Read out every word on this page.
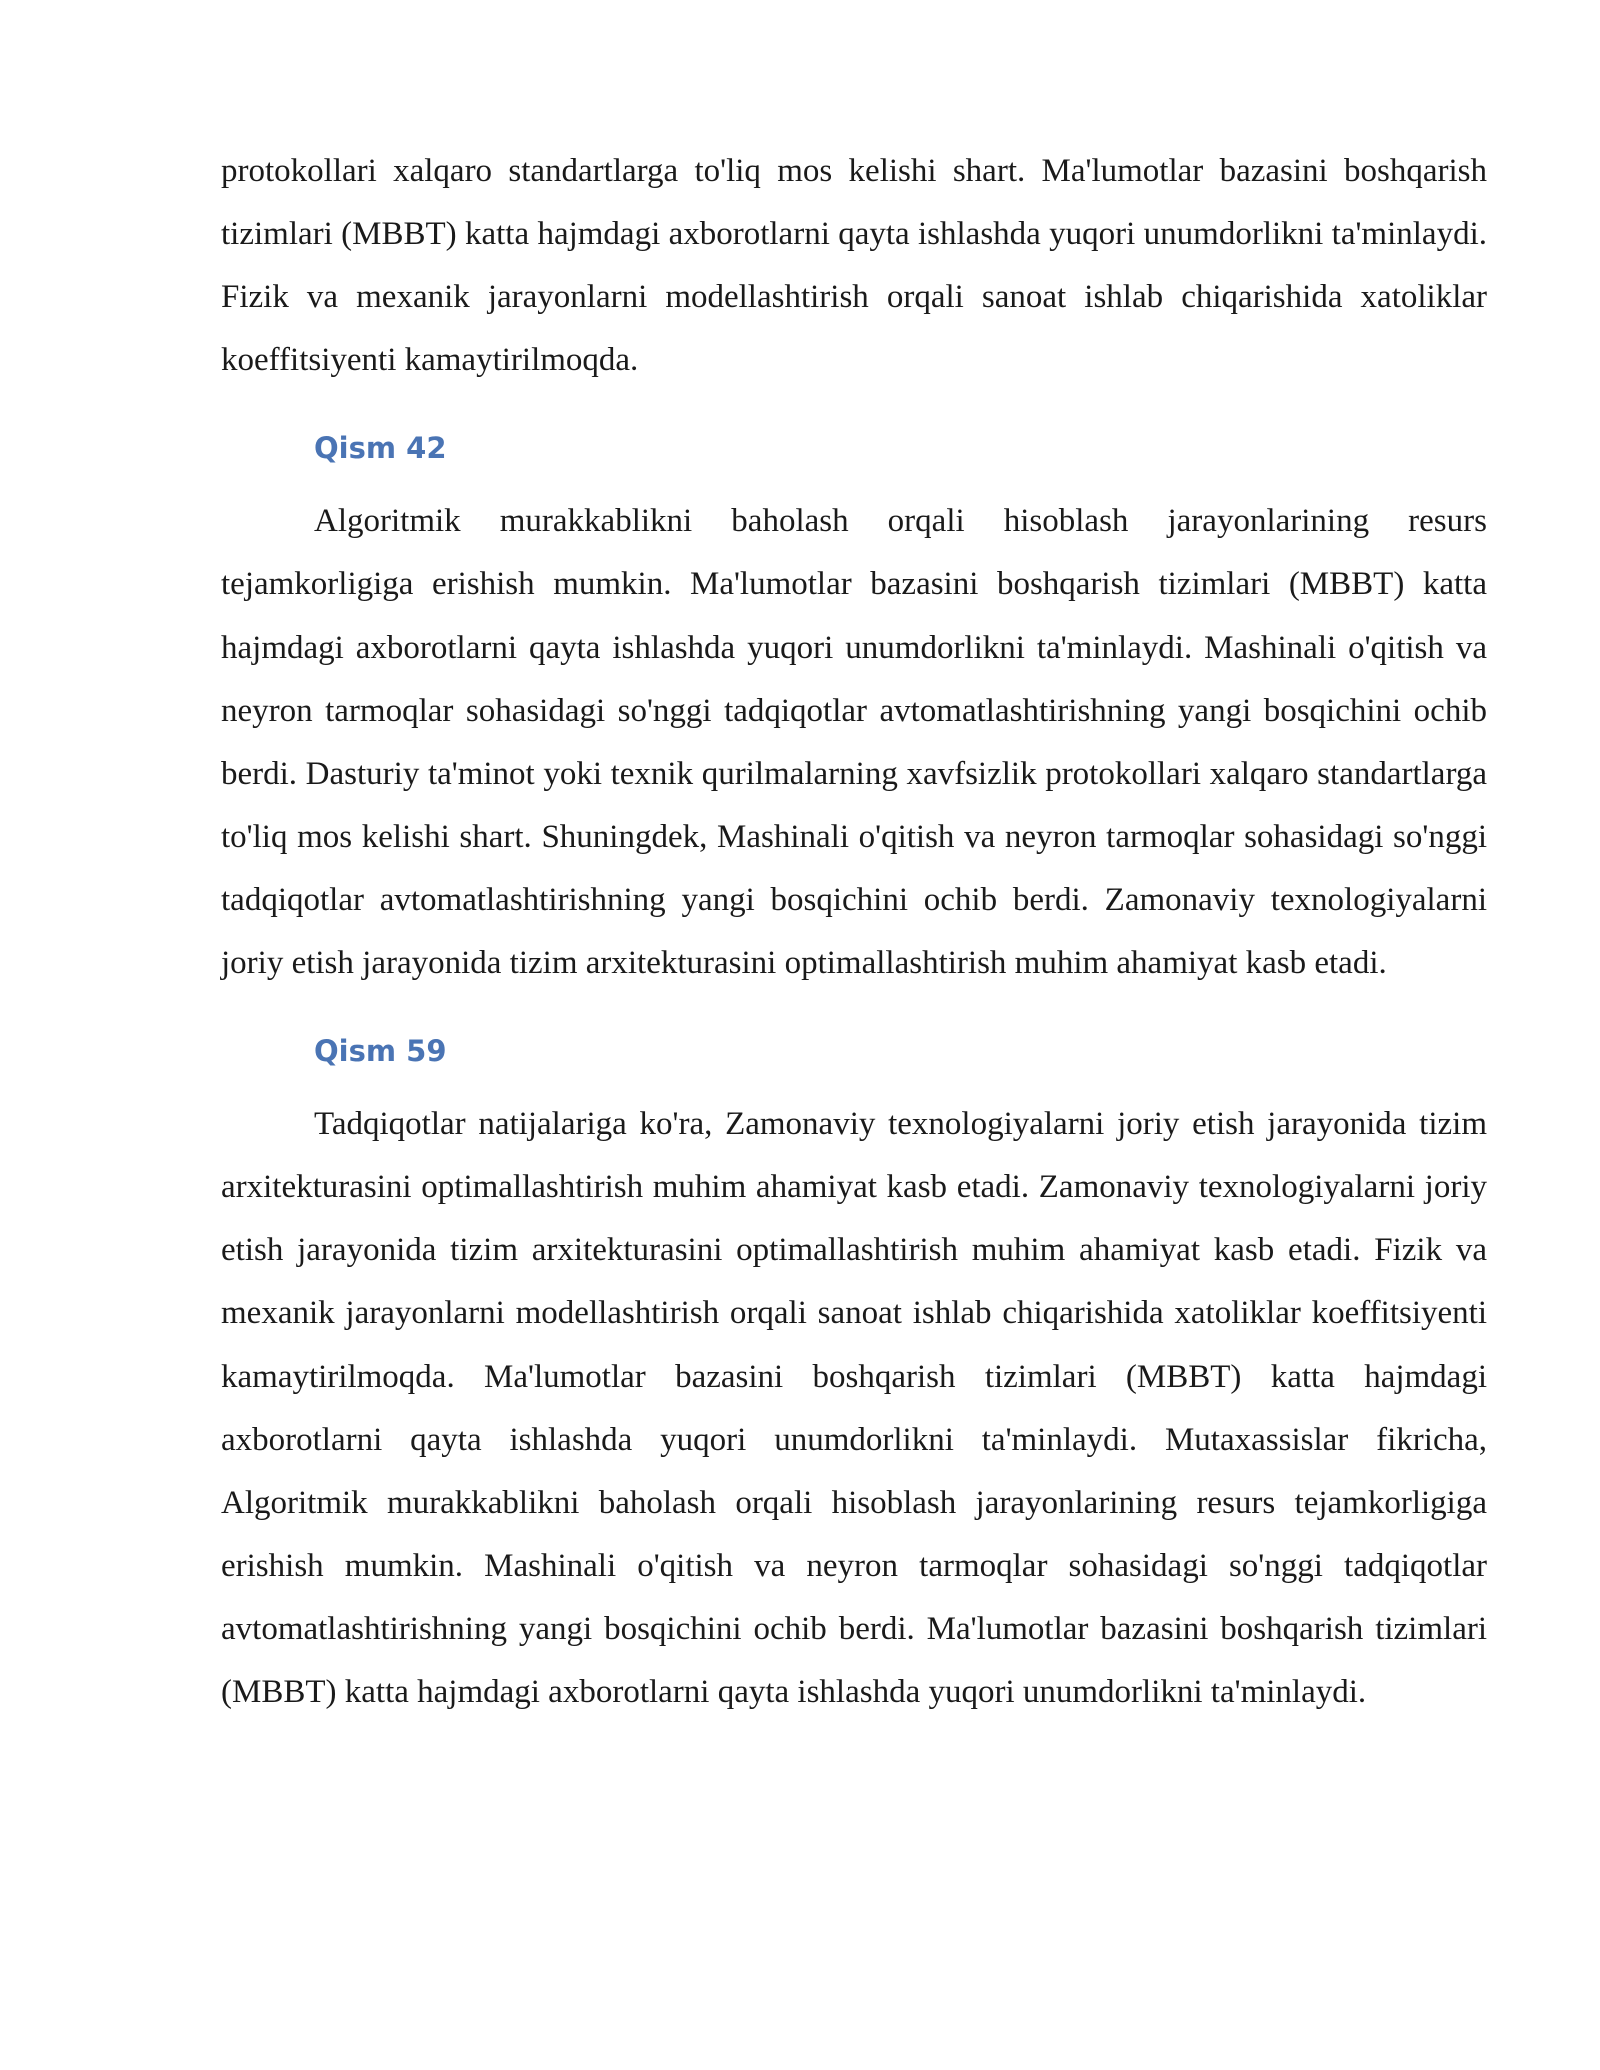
protokollari xalqaro standartlarga to'liq mos kelishi shart. Ma'lumotlar bazasini boshqarish tizimlari (MBBT) katta hajmdagi axborotlarni qayta ishlashda yuqori unumdorlikni ta'minlaydi. Fizik va mexanik jarayonlarni modellashtirish orqali sanoat ishlab chiqarishida xatoliklar koeffitsiyenti kamaytirilmoqda.

Qism 42

Algoritmik murakkablikni baholash orqali hisoblash jarayonlarining resurs tejamkorligiga erishish mumkin. Ma'lumotlar bazasini boshqarish tizimlari (MBBT) katta hajmdagi axborotlarni qayta ishlashda yuqori unumdorlikni ta'minlaydi. Mashinali o'qitish va neyron tarmoqlar sohasidagi so'nggi tadqiqotlar avtomatlashtirishning yangi bosqichini ochib berdi. Dasturiy ta'minot yoki texnik qurilmalarning xavfsizlik protokollari xalqaro standartlarga to'liq mos kelishi shart. Shuningdek, Mashinali o'qitish va neyron tarmoqlar sohasidagi so'nggi tadqiqotlar avtomatlashtirishning yangi bosqichini ochib berdi. Zamonaviy texnologiyalarni joriy etish jarayonida tizim arxitekturasini optimallashtirish muhim ahamiyat kasb etadi.

Qism 59

Tadqiqotlar natijalariga ko'ra, Zamonaviy texnologiyalarni joriy etish jarayonida tizim arxitekturasini optimallashtirish muhim ahamiyat kasb etadi. Zamonaviy texnologiyalarni joriy etish jarayonida tizim arxitekturasini optimallashtirish muhim ahamiyat kasb etadi. Fizik va mexanik jarayonlarni modellashtirish orqali sanoat ishlab chiqarishida xatoliklar koeffitsiyenti kamaytirilmoqda. Ma'lumotlar bazasini boshqarish tizimlari (MBBT) katta hajmdagi axborotlarni qayta ishlashda yuqori unumdorlikni ta'minlaydi. Mutaxassislar fikricha, Algoritmik murakkablikni baholash orqali hisoblash jarayonlarining resurs tejamkorligiga erishish mumkin. Mashinali o'qitish va neyron tarmoqlar sohasidagi so'nggi tadqiqotlar avtomatlashtirishning yangi bosqichini ochib berdi. Ma'lumotlar bazasini boshqarish tizimlari (MBBT) katta hajmdagi axborotlarni qayta ishlashda yuqori unumdorlikni ta'minlaydi.
